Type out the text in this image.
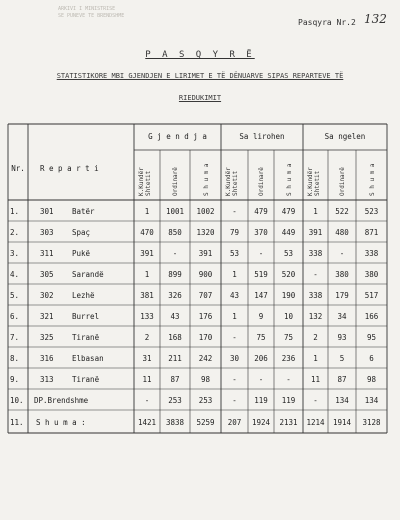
ARKIVI I MINISTRISE
SE PUNEVE TE BRENDSHME
Pasqyra Nr.2 132
P A S Q Y R Ë
STATISTIKORE MBI GJENDJEN E LIRIMET E TË DËNUARVE SIPAS REPARTEVE TË
RIEDUKIMIT
Nr.	R e p a r t i
G j e n d j a	Sa lirohen	Sa ngelen
K.Kundër Shtetit	Ordinarë	S h u m a	K.Kundër Shtetit	Ordinarë	S h u m a K.Kundër Shtetit	Ordinarë	S h u m a
1.	301 Batër	1	1001	1002	-	479	479	1	522	523
2.	303 Spaç	470	850	1320	79	370	449	391	480	871
3.	311 Pukë	391	-	391	53	-	53	338	-	338
4.	305 Sarandë	1	899	900	1	519	520	-	380	380
5.	302 Lezhë	381	326	707	43	147	190	338	179	517
6.	321 Burrel	133	43	176	1	9	10	132	34	166
7.	325 Tiranë	2	168	170	-	75	75	2	93	95
8.	316 Elbasan	31	211	242	30	206	236	1	5	6
9.	313 Tiranë	11	87	98	-	-	-	11	87	98
10. DP.Brendshme	-	253	253	-	119	119	-	134	134
11. S h u m a :	1421	3838	5259	207	1924	2131	1214	1914	3128
